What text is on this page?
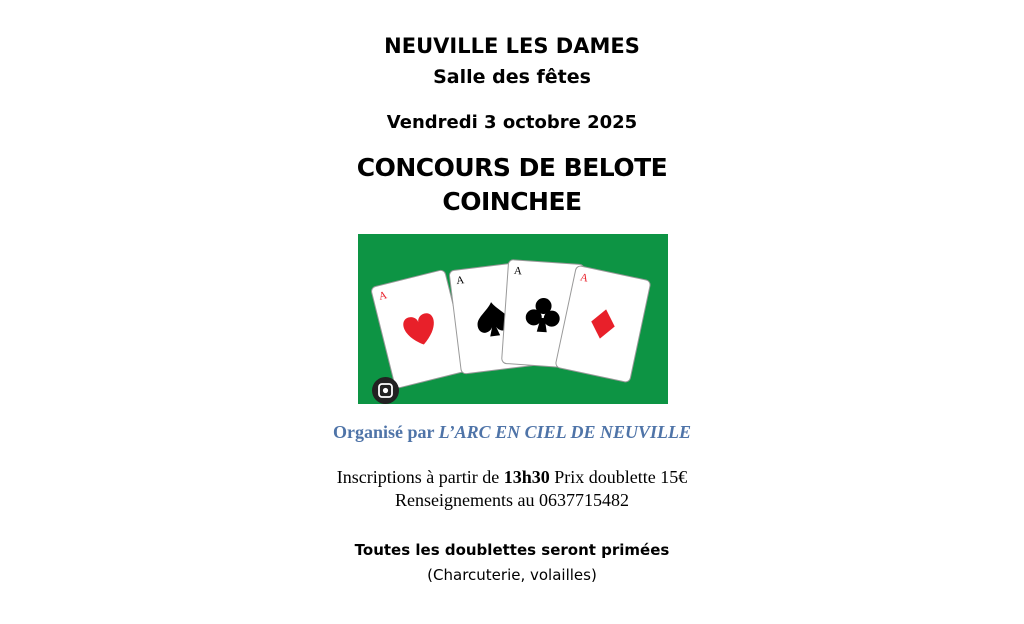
NEUVILLE LES DAMES
Salle des fêtes
Vendredi 3 octobre 2025
CONCOURS DE BELOTE
COINCHEE
A
A
A
A
Organisé par L’ARC EN CIEL DE NEUVILLE
Inscriptions à partir de 13h30 Prix doublette 15€
Renseignements au 0637715482
Toutes les doublettes seront primées
(Charcuterie, volailles)
